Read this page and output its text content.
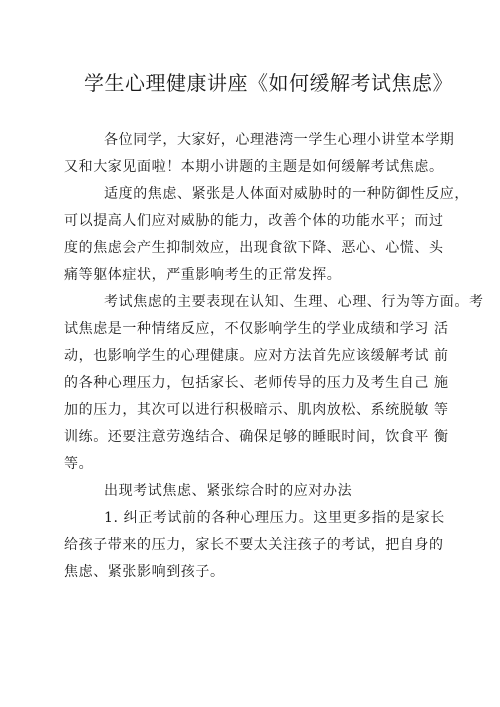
学生心理健康讲座《如何缓解考试焦虑》
各位同学，大家好，心理港湾一学生心理小讲堂本学期
又和大家见面啦！本期小讲题的主题是如何缓解考试焦虑。
适度的焦虑、紧张是人体面对威胁时的一种防御性反应，
可以提高人们应对威胁的能力，改善个体的功能水平；而过
度的焦虑会产生抑制效应，出现食欲下降、恶心、心慌、头
痛等躯体症状，严重影响考生的正常发挥。
考试焦虑的主要表现在认知、生理、心理、行为等方面。考
试焦虑是一种情绪反应，不仅影响学生的学业成绩和学习 活
动，也影响学生的心理健康。应对方法首先应该缓解考试 前
的各种心理压力，包括家长、老师传导的压力及考生自己 施
加的压力，其次可以进行积极暗示、肌肉放松、系统脱敏 等
训练。还要注意劳逸结合、确保足够的睡眠时间，饮食平 衡
等。
出现考试焦虑、紧张综合时的应对办法
1. 纠正考试前的各种心理压力。这里更多指的是家长
给孩子带来的压力，家长不要太关注孩子的考试，把自身的
焦虑、紧张影响到孩子。
